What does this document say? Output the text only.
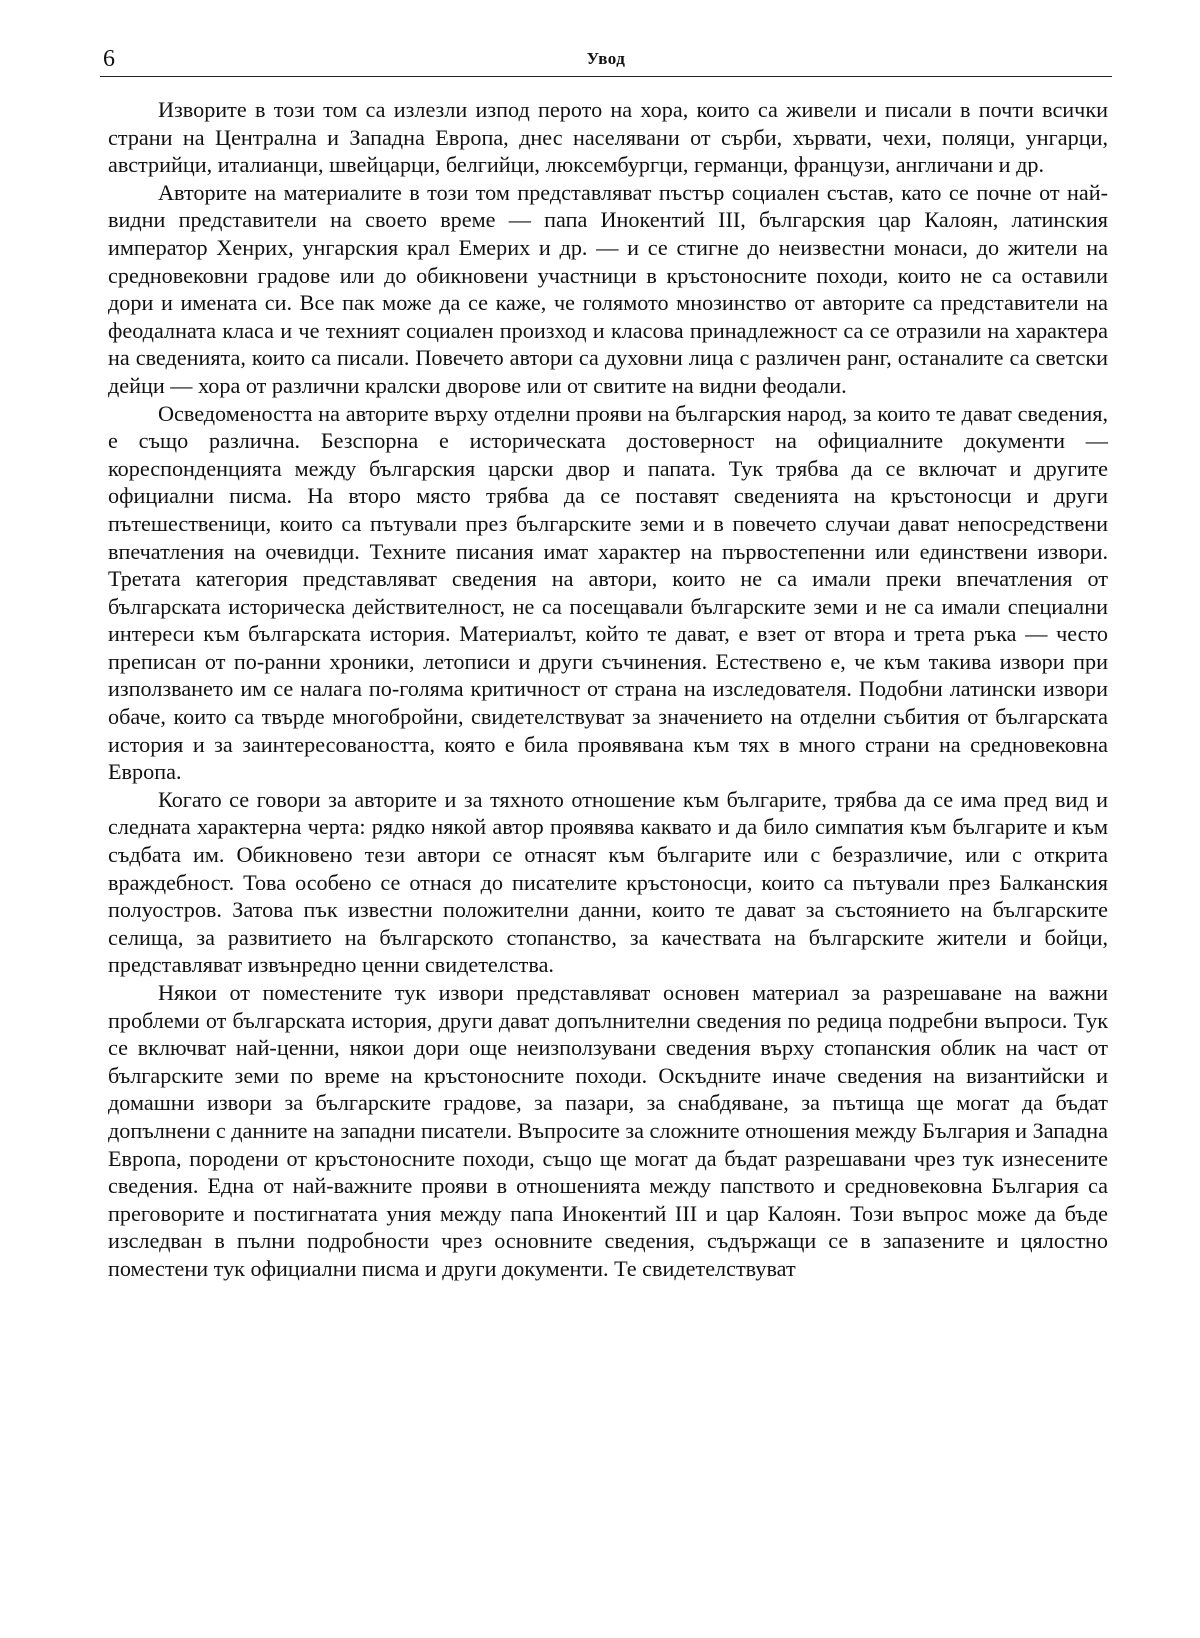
6	Увод

Изворите в този том са излезли изпод перото на хора, които са живели и писали в почти всички страни на Централна и Западна Европа, днес населявани от сърби, хървати, чехи, поляци, унгарци, австрийци, италианци, швейцарци, белгийци, люксембургци, германци, французи, англичани и др.

Авторите на материалите в този том представляват пъстър социален състав, като се почне от най-видни представители на своето време — папа Инокентий III, българския цар Калоян, латинския император Хенрих, унгарския крал Емерих и др. — и се стигне до неизвестни монаси, до жители на средновековни градове или до обикновени участници в кръстоносните походи, които не са оставили дори и имената си. Все пак може да се каже, че голямото мнозинство от авторите са представители на феодалната класа и че техният социален произход и класова принадлежност са се отразили на характера на сведенията, които са писали. Повечето автори са духовни лица с различен ранг, останалите са светски дейци — хора от различни кралски дворове или от свитите на видни феодали.

Осведомеността на авторите върху отделни прояви на българския народ, за които те дават сведения, е също различна. Безспорна е историческата достоверност на официалните документи — кореспонденцията между българския царски двор и папата. Тук трябва да се включат и другите официални писма. На второ място трябва да се поставят сведенията на кръстоносци и други пътешественици, които са пътували през българските земи и в повечето случаи дават непосредствени впечатления на очевидци. Техните писания имат характер на първостепенни или единствени извори. Третата категория представляват сведения на автори, които не са имали преки впечатления от българската историческа действителност, не са посещавали българските земи и не са имали специални интереси към българската история. Материалът, който те дават, е взет от втора и трета ръка — често преписан от по-ранни хроники, летописи и други съчинения. Естествено е, че към такива извори при използването им се налага по-голяма критичност от страна на изследователя. Подобни латински извори обаче, които са твърде многобройни, свидетелствуват за значението на отделни събития от българската история и за заинтересоваността, която е била проявявана към тях в много страни на средновековна Европа.

Когато се говори за авторите и за тяхното отношение към българите, трябва да се има пред вид и следната характерна черта: рядко някой автор проявява каквато и да било симпатия към българите и към съдбата им. Обикновено тези автори се отнасят към българите или с безразличие, или с открита враждебност. Това особено се отнася до писателите кръстоносци, които са пътували през Балканския полуостров. Затова пък известни положителни данни, които те дават за състоянието на българските селища, за развитието на българското стопанство, за качествата на българските жители и бойци, представляват извънредно ценни свидетелства.

Някои от поместените тук извори представляват основен материал за разрешаване на важни проблеми от българската история, други дават допълнителни сведения по редица подребни въпроси. Тук се включват най-ценни, някои дори още неизползувани сведения върху стопанския облик на част от българските земи по време на кръстоносните походи. Оскъдните иначе сведения на византийски и домашни извори за българските градове, за пазари, за снабдяване, за пътища ще могат да бъдат допълнени с данните на западни писатели. Въпросите за сложните отношения между България и Западна Европа, породени от кръстоносните походи, също ще могат да бъдат разрешавани чрез тук изнесените сведения. Една от най-важните прояви в отношенията между папството и средновековна България са преговорите и постигнатата уния между папа Инокентий III и цар Калоян. Този въпрос може да бъде изследван в пълни подробности чрез основните сведения, съдържащи се в запазените и цялостно поместени тук официални писма и други документи. Те свидетелствуват
